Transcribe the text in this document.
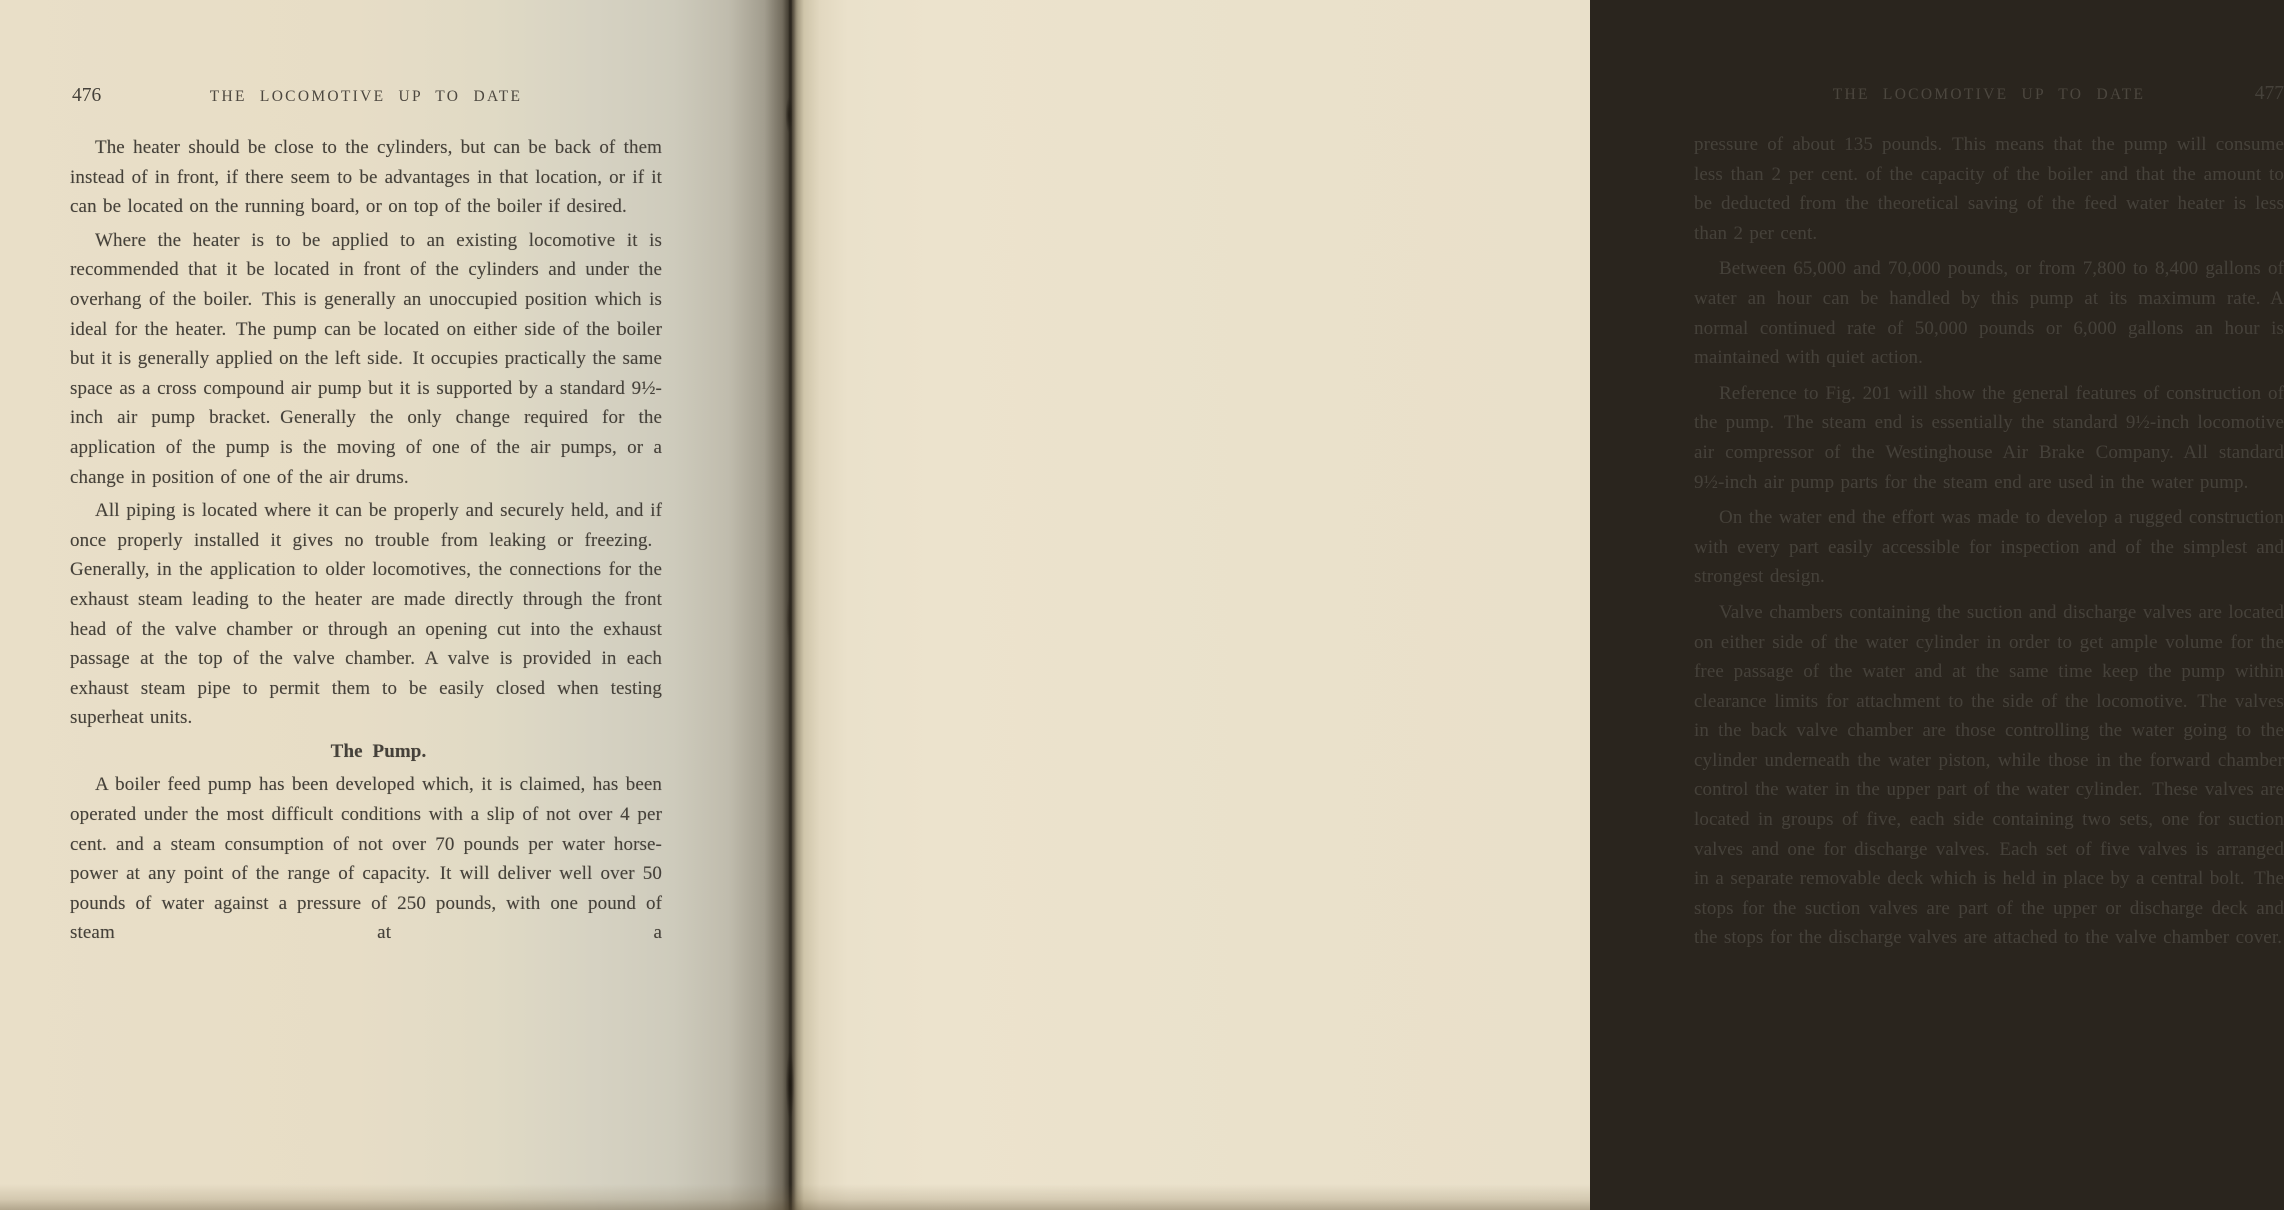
476	THE LOCOMOTIVE UP TO DATE

The heater should be close to the cylinders, but can be back of them instead of in front, if there seem to be advantages in that location, or if it can be located on the running board, or on top of the boiler if desired.

Where the heater is to be applied to an existing locomotive it is recommended that it be located in front of the cylinders and under the overhang of the boiler. This is generally an unoccupied position which is ideal for the heater. The pump can be located on either side of the boiler but it is generally applied on the left side. It occupies practically the same space as a cross compound air pump but it is supported by a standard 9½-inch air pump bracket. Generally the only change required for the application of the pump is the moving of one of the air pumps, or a change in position of one of the air drums.

All piping is located where it can be properly and securely held, and if once properly installed it gives no trouble from leaking or freezing. Generally, in the application to older locomotives, the connections for the exhaust steam leading to the heater are made directly through the front head of the valve chamber or through an opening cut into the exhaust passage at the top of the valve chamber. A valve is provided in each exhaust steam pipe to permit them to be easily closed when testing superheat units.

The Pump.

A boiler feed pump has been developed which, it is claimed, has been operated under the most difficult conditions with a slip of not over 4 per cent. and a steam consumption of not over 70 pounds per water horse-power at any point of the range of capacity. It will deliver well over 50 pounds of water against a pressure of 250 pounds, with one pound of steam at a

THE LOCOMOTIVE UP TO DATE	477

pressure of about 135 pounds. This means that the pump will consume less than 2 per cent. of the capacity of the boiler and that the amount to be deducted from the theoretical saving of the feed water heater is less than 2 per cent.

Between 65,000 and 70,000 pounds, or from 7,800 to 8,400 gallons of water an hour can be handled by this pump at its maximum rate. A normal continued rate of 50,000 pounds or 6,000 gallons an hour is maintained with quiet action.

Reference to Fig. 201 will show the general features of construction of the pump. The steam end is essentially the standard 9½-inch locomotive air compressor of the Westinghouse Air Brake Company. All standard 9½-inch air pump parts for the steam end are used in the water pump.

On the water end the effort was made to develop a rugged construction with every part easily accessible for inspection and of the simplest and strongest design.

Valve chambers containing the suction and discharge valves are located on either side of the water cylinder in order to get ample volume for the free passage of the water and at the same time keep the pump within clearance limits for attachment to the side of the locomotive. The valves in the back valve chamber are those controlling the water going to the cylinder underneath the water piston, while those in the forward chamber control the water in the upper part of the water cylinder. These valves are located in groups of five, each side containing two sets, one for suction valves and one for discharge valves. Each set of five valves is arranged in a separate removable deck which is held in place by a central bolt. The stops for the suction valves are part of the upper or discharge deck and the stops for the discharge valves are attached to the valve chamber cover.
